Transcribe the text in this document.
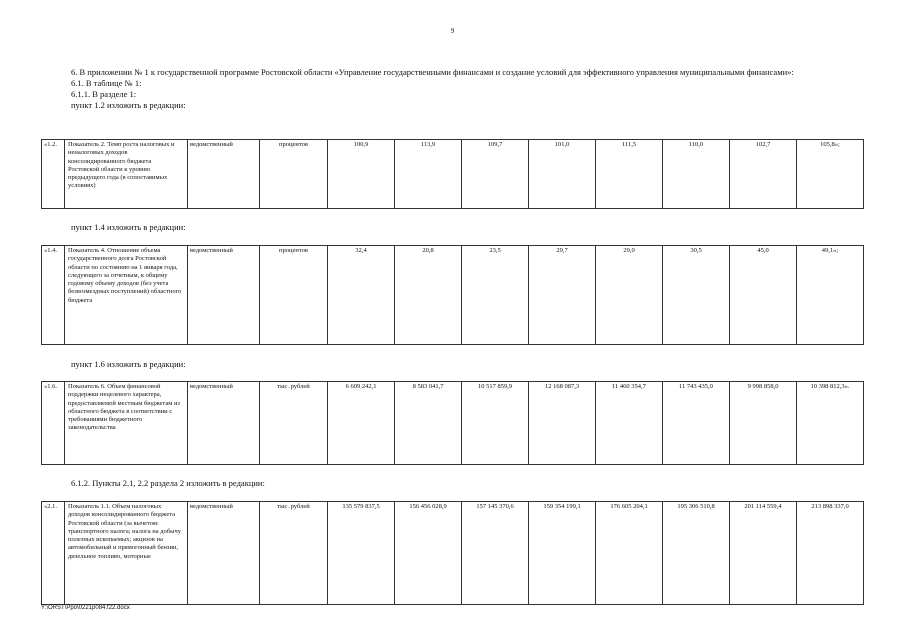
9

6. В приложении № 1 к государственной программе Ростовской области «Управление государственными финансами и создание условий для эффективного управления муниципальными финансами»:

6.1. В таблице № 1:

6.1.1. В разделе 1:

пункт 1.2 изложить в редакции:

«1.2.	Показатель 2. Темп роста налоговых и неналоговых доходов консолидированного бюджета Ростовской области к уровню предыдущего года (в сопоставимых условиях)	ведомственный	процентов	100,9	113,9	109,7	101,0	111,5	110,0	102,7	105,8»;
пункт 1.4 изложить в редакции:
«1.4.	Показатель 4. Отношение объема государственного долга Ростовской области по состоянию на 1 января года, следующего за отчетным, к общему годовому объему доходов (без учета безвозмездных поступлений) областного бюджета	ведомственный	процентов	32,4	20,8	23,5	29,7	29,0	30,5	45,0	49,1»;
пункт 1.6 изложить в редакции:
«1.6.	Показатель 6. Объем финансовой поддержки нецелевого характера, предоставляемой местным бюджетам из областного бюджета в соответствии с требованиями бюджетного законодательства	ведомственный	тыс. рублей	6 609 242,1	8 583 041,7	10 517 859,9	12 168 087,3	11 460 354,7	11 743 435,0	9 998 858,0	10 398 812,3».
6.1.2. Пункты 2.1, 2.2 раздела 2 изложить в редакции:
«2.1.	Показатель 1.1. Объем налоговых доходов консолидированного бюджета Ростовской области (за вычетом: транспортного налога; налога на добычу полезных ископаемых; акцизов на автомобильный и прямогонный бензин, дизельное топливо, моторные	ведомственный	тыс. рублей	135 579 837,5	156 456 028,9	157 145 370,6	159 354 199,1	176 605 204,1	195 306 510,8	201 114 559,4	213 898 337,0
Y:\ORST\Ppo\0221p084.f22.docx
